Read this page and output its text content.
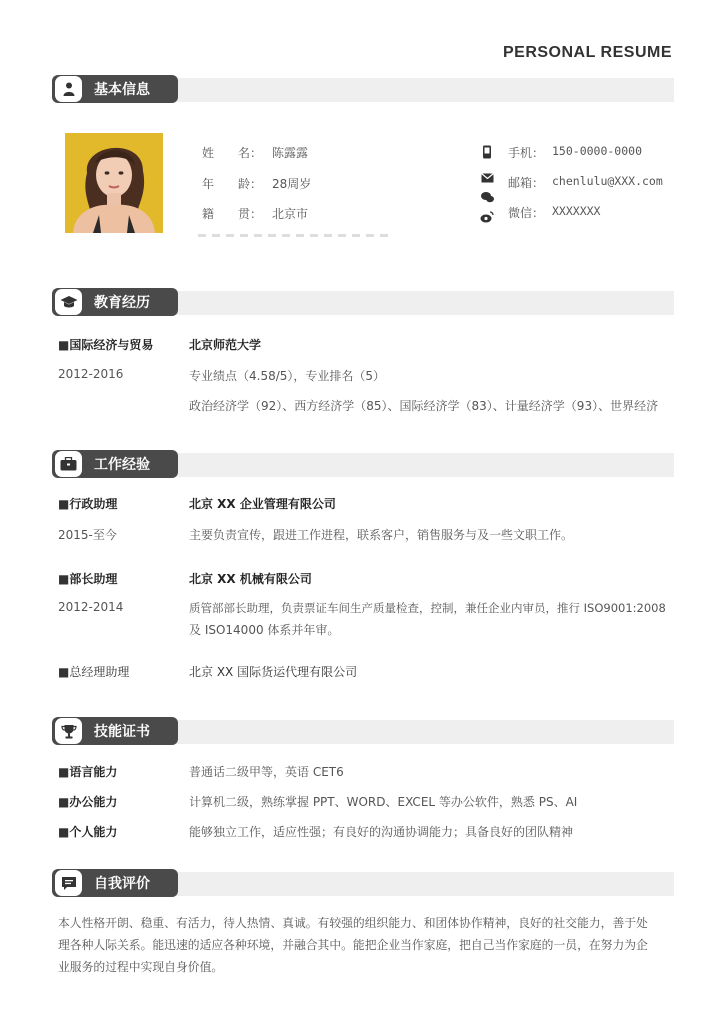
PERSONAL RESUME
基本信息
姓　　名： 陈露露
年　　龄： 28周岁
籍　　贯： 北京市
手机： 150-0000-0000
邮箱： chenlulu@XXX.com
微信： XXXXXXX
教育经历
■ 国际经济与贸易	北京师范大学
2012-2016	专业绩点（4.58/5），专业排名（5）
政治经济学（92）、西方经济学（85）、国际经济学（83）、计量经济学（93）、世界经济
工作经验
■ 行政助理	北京 XX 企业管理有限公司
2015-至今	主要负责宣传，跟进工作进程，联系客户，销售服务与及一些文职工作。
■ 部长助理	北京 XX 机械有限公司
2012-2014	质管部部长助理，负责票证车间生产质量检查，控制，兼任企业内审员，推行 ISO9001:2008
及 ISO14000 体系并年审。
■ 总经理助理	北京 XX 国际货运代理有限公司
技能证书
■ 语言能力	普通话二级甲等，英语 CET6
■ 办公能力	计算机二级，熟练掌握 PPT、WORD、EXCEL 等办公软件，熟悉 PS、AI
■ 个人能力	能够独立工作，适应性强；有良好的沟通协调能力；具备良好的团队精神
自我评价
本人性格开朗、稳重、有活力，待人热情、真诚。有较强的组织能力、和团体协作精神，良好的社交能力，善于处
理各种人际关系。能迅速的适应各种环境，并融合其中。能把企业当作家庭，把自己当作家庭的一员，在努力为企
业服务的过程中实现自身价值。
